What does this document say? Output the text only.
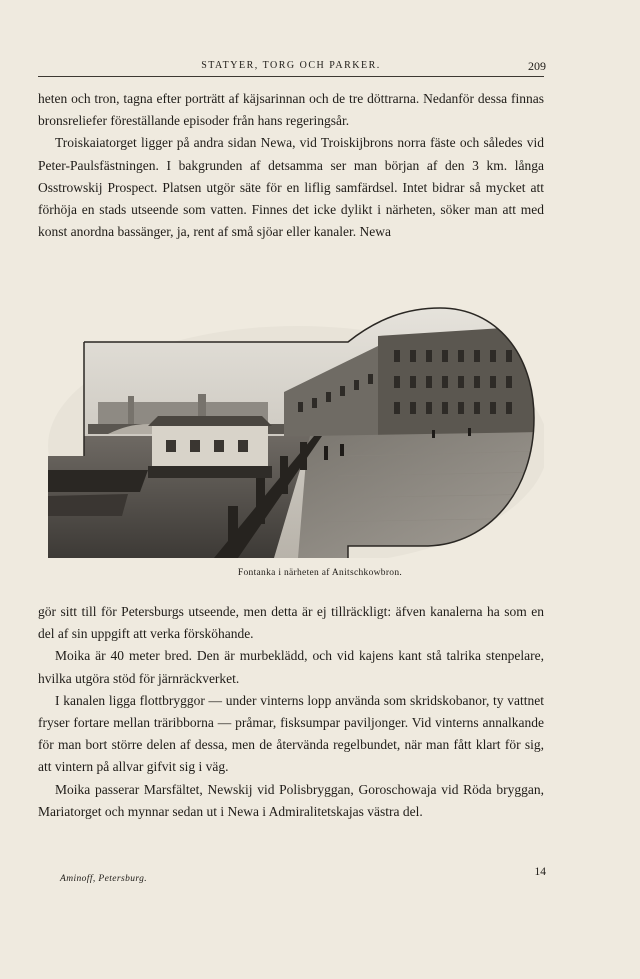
STATYER, TORG OCH PARKER.	209

heten och tron, tagna efter porträtt af käjsarinnan och de tre döttrarna. Nedanför dessa finnas bronsreliefer föreställande episoder från hans regeringsår.

Troiskaiatorget ligger på andra sidan Newa, vid Troiskijbrons norra fäste och således vid Peter-Paulsfästningen. I bakgrunden af detsamma ser man början af den 3 km. långa Osstrowskij Prospect. Platsen utgör säte för en liflig samfärdsel. Intet bidrar så mycket att förhöja en stads utseende som vatten. Finnes det icke dylikt i närheten, söker man att med konst anordna bassänger, ja, rent af små sjöar eller kanaler. Newa

Fontanka i närheten af Anitschkowbron.

gör sitt till för Petersburgs utseende, men detta är ej tillräckligt: äfven kanalerna ha som en del af sin uppgift att verka försköhande.

Moika är 40 meter bred. Den är murbeklädd, och vid kajens kant stå talrika stenpelare, hvilka utgöra stöd för järnräckverket.

I kanalen ligga flottbryggor — under vinterns lopp använda som skridskobanor, ty vattnet fryser fortare mellan träribborna — pråmar, fisksumpar paviljonger. Vid vinterns annalkande för man bort större delen af dessa, men de återvända regelbundet, när man fått klart för sig, att vintern på allvar gifvit sig i väg.

Moika passerar Marsfältet, Newskij vid Polisbryggan, Goroschowaja vid Röda bryggan, Mariatorget och mynnar sedan ut i Newa i Admiralitetskajas västra del.

Aminoff, Petersburg.
14
